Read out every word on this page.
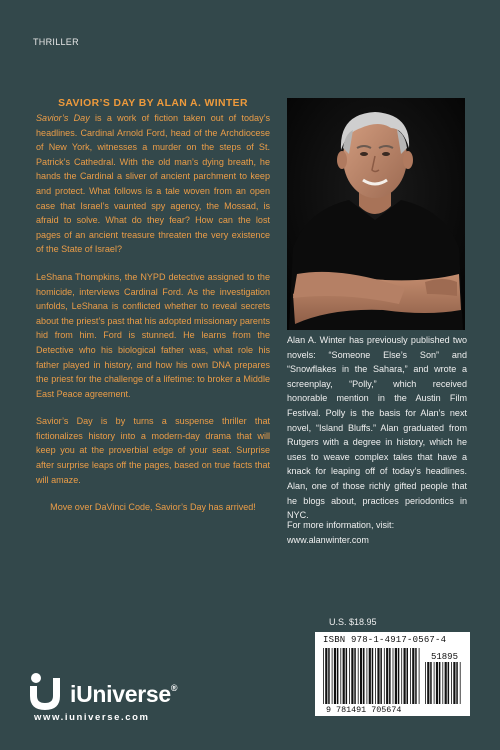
THRILLER
SAVIOR’S DAY BY ALAN A. WINTER

Savior’s Day is a work of fiction taken out of today’s headlines. Cardinal Arnold Ford, head of the Archdiocese of New York, witnesses a murder on the steps of St. Patrick’s Cathedral. With the old man’s dying breath, he hands the Cardinal a sliver of ancient parchment to keep and protect. What follows is a tale woven from an open case that Israel’s vaunted spy agency, the Mossad, is afraid to solve. What do they fear? How can the lost pages of an ancient treasure threaten the very existence of the State of Israel?

LeShana Thompkins, the NYPD detective assigned to the homicide, interviews Cardinal Ford. As the investigation unfolds, LeShana is conflicted whether to reveal secrets about the priest’s past that his adopted missionary parents hid from him. Ford is stunned. He learns from the Detective who his biological father was, what role his father played in history, and how his own DNA prepares the priest for the challenge of a lifetime: to broker a Middle East Peace agreement.

Savior’s Day is by turns a suspense thriller that fictionalizes history into a modern-day drama that will keep you at the proverbial edge of your seat. Surprise after surprise leaps off the pages, based on true facts that will amaze.

Move over DaVinci Code, Savior’s Day has arrived!

Alan A. Winter has previously published two novels: “Someone Else’s Son” and “Snowflakes in the Sahara,” and wrote a screenplay, “Polly,” which received honorable mention in the Austin Film Festival. Polly is the basis for Alan’s next novel, “Island Bluffs.” Alan graduated from Rutgers with a degree in history, which he uses to weave complex tales that have a knack for leaping off of today’s headlines. Alan, one of those richly gifted people that he blogs about, practices periodontics in NYC.
For more information, visit:
www.alanwinter.com
U.S. $18.95
ISBN 978-1-4917-0567-4
51895
9 781491 705674
iUniverse®
www.iuniverse.com
